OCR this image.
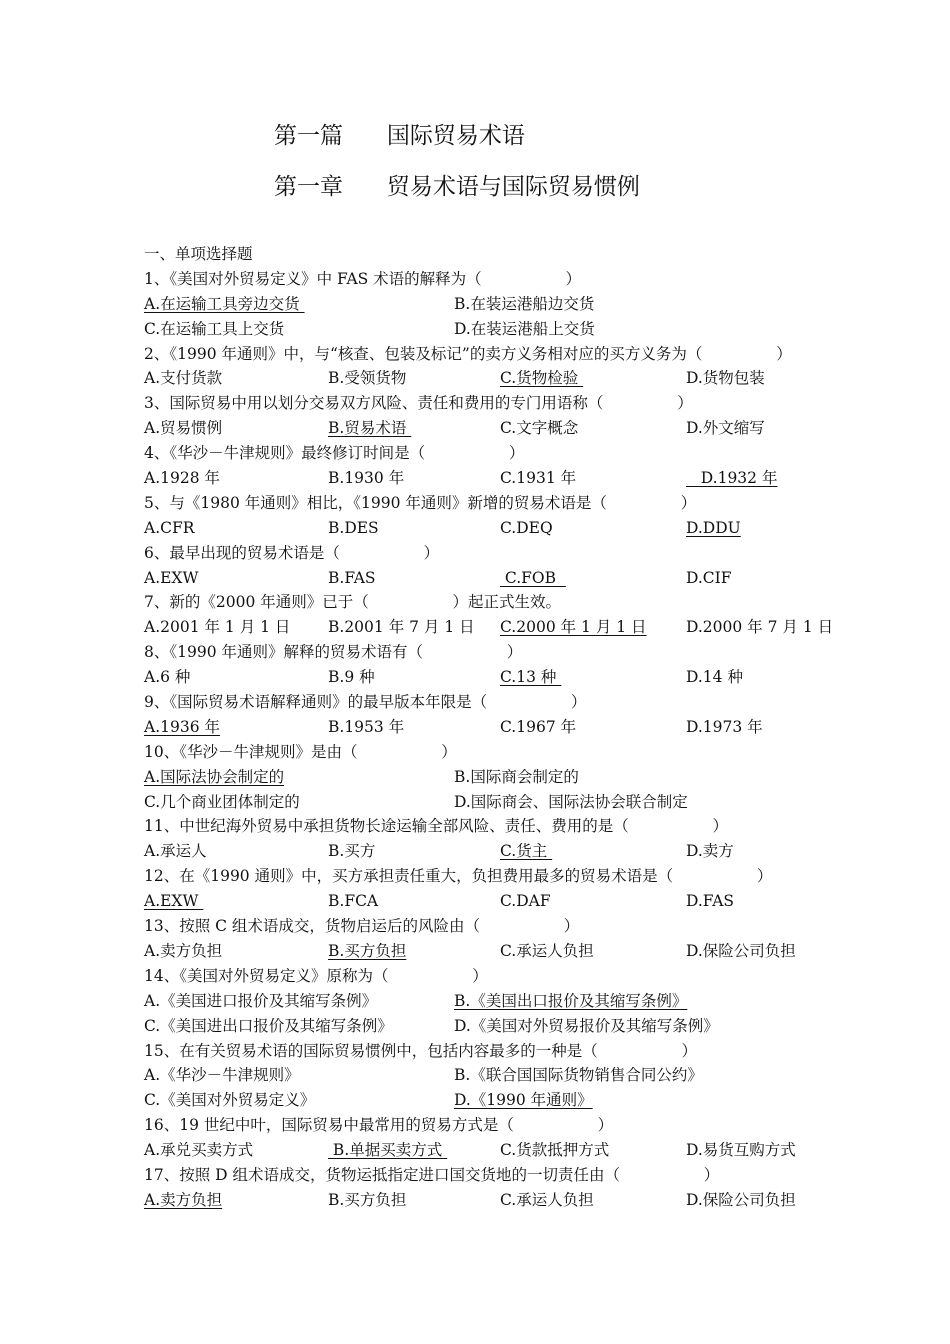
第一篇      国际贸易术语
第一章      贸易术语与国际贸易惯例
一、单项选择题
1、《美国对外贸易定义》中 FAS 术语的解释为（                 ）
A.在运输工具旁边交货	B.在装运港船边交货
C.在运输工具上交货	D.在装运港船上交货
2、《1990 年通则》中，与“核查、包装及标记”的卖方义务相对应的买方义务为（               ）
A.支付货款	B.受领货物	C.货物检验	D.货物包装
3、国际贸易中用以划分交易双方风险、责任和费用的专门用语称（               ）
A.贸易惯例	B.贸易术语	C.文字概念	D.外文缩写
4、《华沙－牛津规则》最终修订时间是（                 ）
A.1928 年	B.1930 年	C.1931 年	D.1932 年
5、与《1980 年通则》相比，《1990 年通则》新增的贸易术语是（               ）
A.CFR	B.DES	C.DEQ	D.DDU
6、最早出现的贸易术语是（                 ）
A.EXW	B.FAS	C.FOB	D.CIF
7、新的《2000 年通则》已于（                 ）起正式生效。
A.2001 年 1 月 1 日 B.2001 年 7 月 1 日 C.2000 年 1 月 1 日	D.2000 年 7 月 1 日
8、《1990 年通则》解释的贸易术语有（                 ）
A.6 种	B.9 种	C.13 种	D.14 种
9、《国际贸易术语解释通则》的最早版本年限是（                 ）
A.1936 年	B.1953 年	C.1967 年	D.1973 年
10、《华沙－牛津规则》是由（                 ）
A.国际法协会制定的	B.国际商会制定的
C.几个商业团体制定的	D.国际商会、国际法协会联合制定
11、中世纪海外贸易中承担货物长途运输全部风险、责任、费用的是（                 ）
A.承运人	B.买方	C.货主	D.卖方
12、在《1990 通则》中，买方承担责任重大，负担费用最多的贸易术语是（                 ）
A.EXW	B.FCA	C.DAF	D.FAS
13、按照 C 组术语成交，货物启运后的风险由（                 ）
A.卖方负担	B.买方负担	C.承运人负担	D.保险公司负担
14、《美国对外贸易定义》原称为（                 ）
A.《美国进口报价及其缩写条例》	B.《美国出口报价及其缩写条例》
C.《美国进出口报价及其缩写条例》	D.《美国对外贸易报价及其缩写条例》
15、在有关贸易术语的国际贸易惯例中，包括内容最多的一种是（                 ）
A.《华沙－牛津规则》	B.《联合国国际货物销售合同公约》
C.《美国对外贸易定义》	D.《1990 年通则》
16、19 世纪中叶，国际贸易中最常用的贸易方式是（                 ）
A.承兑买卖方式	B.单据买卖方式	C.货款抵押方式	D.易货互购方式
17、按照 D 组术语成交，货物运抵指定进口国交货地的一切责任由（                 ）
A.卖方负担	B.买方负担	C.承运人负担	D.保险公司负担
